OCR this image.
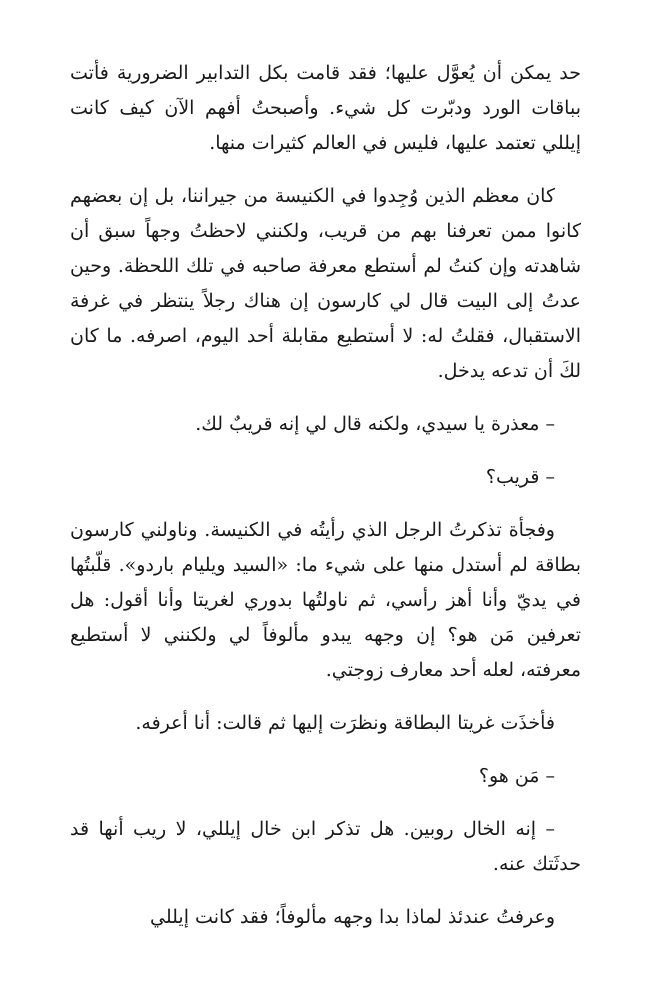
حد يمكن أن يُعوَّل عليها؛ فقد قامت بكل التدابير الضرورية فأتت بباقات الورد ودبّرت كل شيء. وأصبحتُ أفهم الآن كيف كانت إيللي تعتمد عليها، فليس في العالم كثيرات منها.

كان معظم الذين وُجِدوا في الكنيسة من جيراننا، بل إن بعضهم كانوا ممن تعرفنا بهم من قريب، ولكنني لاحظتُ وجهاً سبق أن شاهدته وإن كنتُ لم أستطع معرفة صاحبه في تلك اللحظة. وحين عدتُ إلى البيت قال لي كارسون إن هناك رجلاً ينتظر في غرفة الاستقبال، فقلتُ له: لا أستطيع مقابلة أحد اليوم، اصرفه. ما كان لكَ أن تدعه يدخل.

– معذرة يا سيدي، ولكنه قال لي إنه قريبٌ لك.

– قريب؟

وفجأة تذكرتُ الرجل الذي رأيتُه في الكنيسة. وناولني كارسون بطاقة لم أستدل منها على شيء ما: «السيد ويليام باردو». قلّبتُها في يديّ وأنا أهز رأسي، ثم ناولتُها بدوري لغريتا وأنا أقول: هل تعرفين مَن هو؟ إن وجهه يبدو مألوفاً لي ولكنني لا أستطيع معرفته، لعله أحد معارف زوجتي.

فأخذَت غريتا البطاقة ونظرَت إليها ثم قالت: أنا أعرفه.

– مَن هو؟

– إنه الخال روبين. هل تذكر ابن خال إيللي، لا ريب أنها قد حدثَتك عنه.

وعرفتُ عندئذ لماذا بدا وجهه مألوفاً؛ فقد كانت إيللي
